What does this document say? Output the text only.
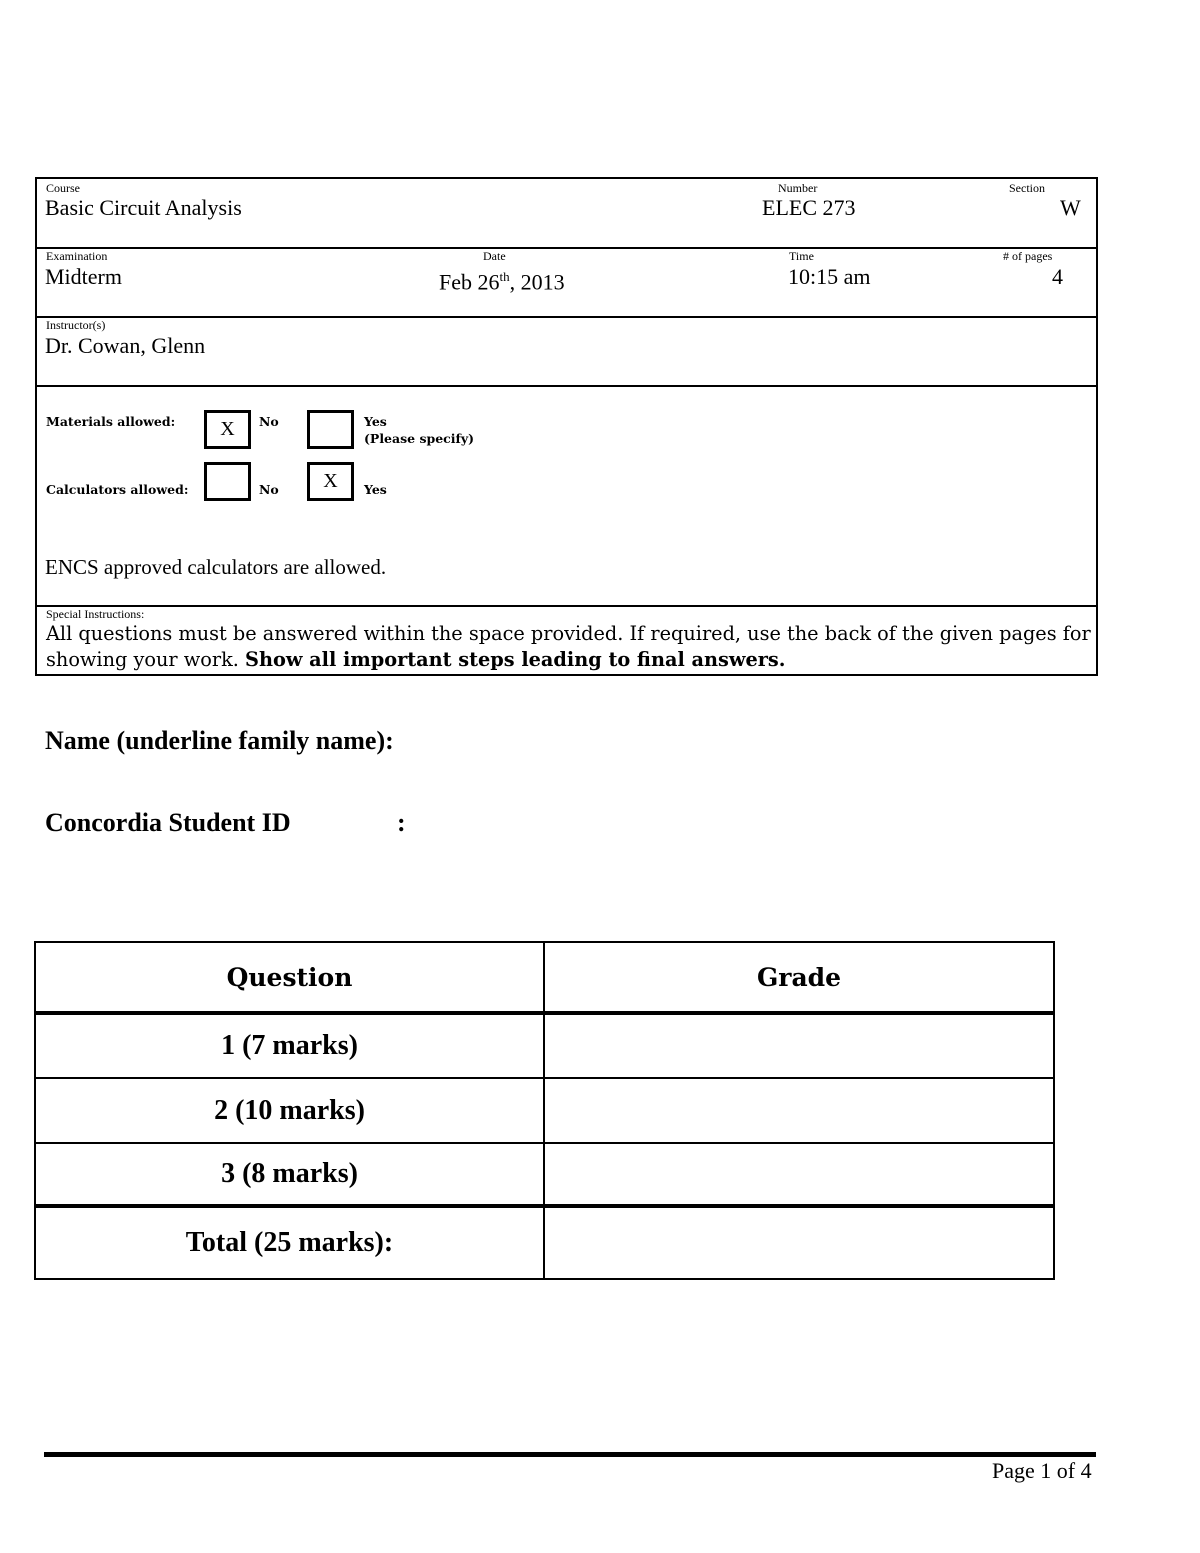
Course
Basic Circuit Analysis
Number
ELEC 273
Section
W
Examination
Midterm
Date
Feb 26th, 2013
Time
10:15 am
# of pages
4
Instructor(s)
Dr. Cowan, Glenn
Materials allowed:	X	No	Yes
(Please specify)
Calculators allowed:	No	X	Yes
ENCS approved calculators are allowed.
Special Instructions:
All questions must be answered within the space provided. If required, use the back of the given pages for showing your work. Show all important steps leading to final answers.
Name (underline family name):
Concordia Student ID	:
Question	Grade
1 (7 marks)	
2 (10 marks)	
3 (8 marks)	
Total (25 marks):	
Page 1 of 4
